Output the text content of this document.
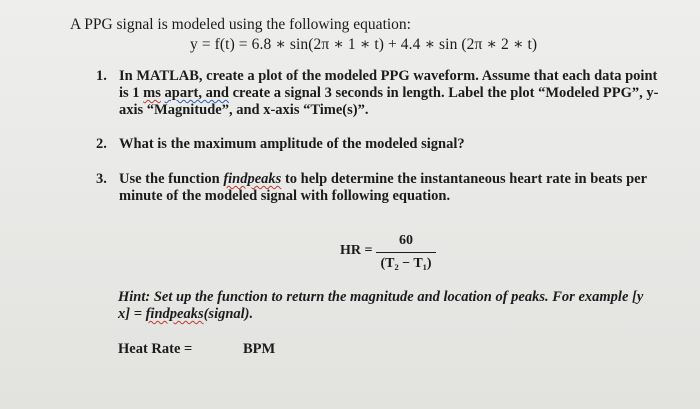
A PPG signal is modeled using the following equation:
y = f(t) = 6.8 ∗ sin(2π ∗ 1 ∗ t) + 4.4 ∗ sin (2π ∗ 2 ∗ t)
1. In MATLAB, create a plot of the modeled PPG waveform. Assume that each data point
is 1 ms apart, and create a signal 3 seconds in length. Label the plot “Modeled PPG”, y-
axis “Magnitude”, and x-axis “Time(s)”.
2. What is the maximum amplitude of the modeled signal?
3. Use the function findpeaks to help determine the instantaneous heart rate in beats per
minute of the modeled signal with following equation.
HR =
60
(T₂ − T₁)
Hint: Set up the function to return the magnitude and location of peaks. For example [y
x] = findpeaks(signal).
Heat Rate =	BPM
